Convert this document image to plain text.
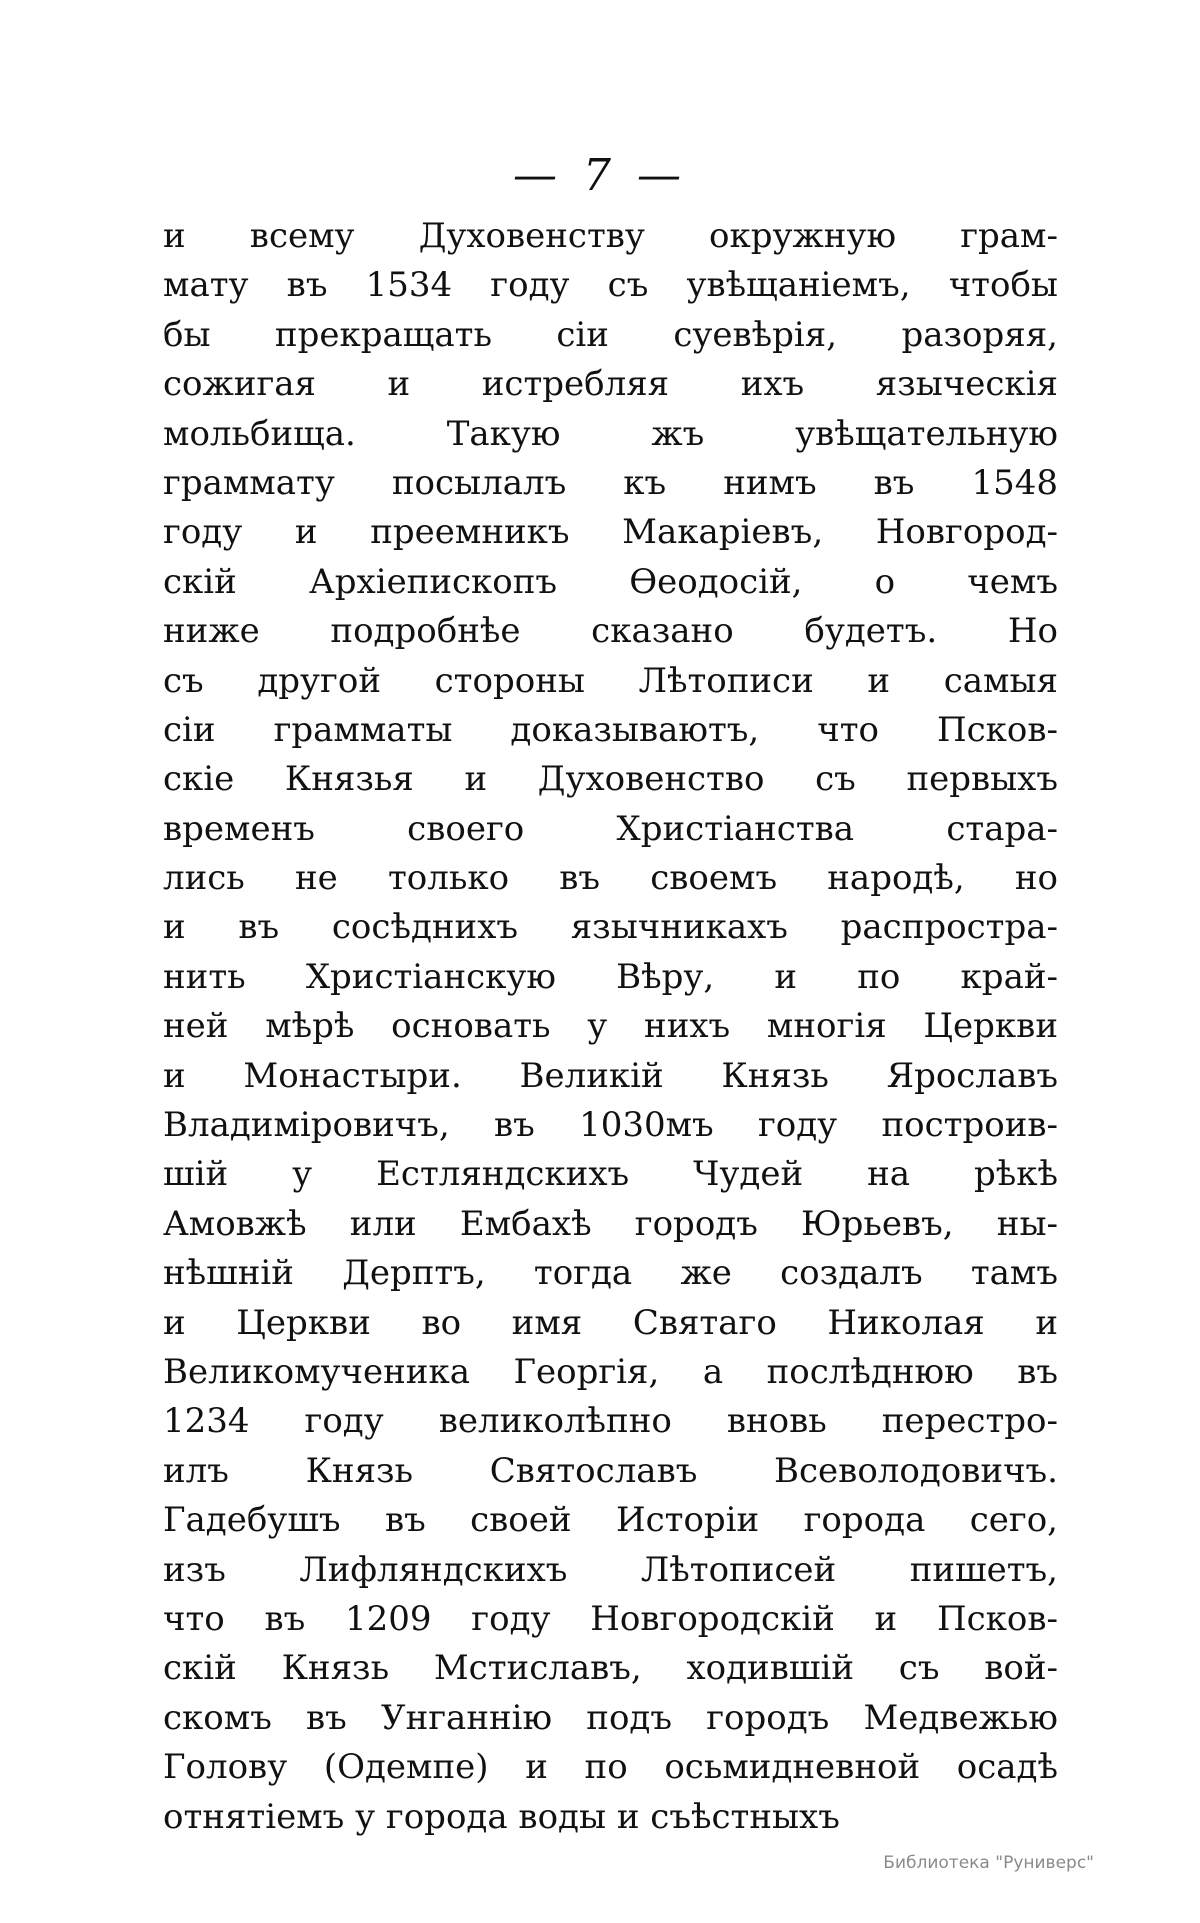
— 7 —
и всему Духовенству окружную грам-
мату въ 1534 году съ увѣщаніемъ, чтобы
бы прекращать сіи суевѣрія, разоряя,
сожигая и истребляя ихъ языческія
мольбища. Такую жъ увѣщательную
граммату посылалъ къ нимъ въ 1548
году и преемникъ Макаріевъ, Новгород-
скій Архіепископъ Ѳеодосій, о чемъ
ниже подробнѣе сказано будетъ. Но
съ другой стороны Лѣтописи и самыя
сіи граммaты доказываютъ, что Псков-
скіе Князья и Духовенство съ первыхъ
временъ своего Христіанства стара-
лись не только въ своемъ народѣ, но
и въ сосѣднихъ язычникахъ распростра-
нить Христіанскую Вѣру, и по край-
ней мѣрѣ основать у нихъ многія Церкви
и Монастыри. Великій Князь Ярославъ
Владиміровичъ, въ 1030мъ году построив-
шій у Естляндскихъ Чудей на рѣкѣ
Амовжѣ или Ембахѣ городъ Юрьевъ, ны-
нѣшній Дерптъ, тогда же создалъ тамъ
и Церкви во имя Святаго Николая и
Великомученика Георгія, а послѣднюю въ
1234 году великолѣпно вновь перестро-
илъ Князь Святославъ Всеволодовичъ.
Гадебушъ въ своей Исторіи города сего,
изъ Лифляндскихъ Лѣтописей пишетъ,
что въ 1209 году Новгородскій и Псков-
скій Князь Мстиславъ, ходившій съ вой-
скомъ въ Унганнію подъ городъ Медвежью
Голову (Одемпе) и по осьмидневной осадѣ
отнятіемъ у города воды и съѣстныхъ
Библиотека "Руниверс"
